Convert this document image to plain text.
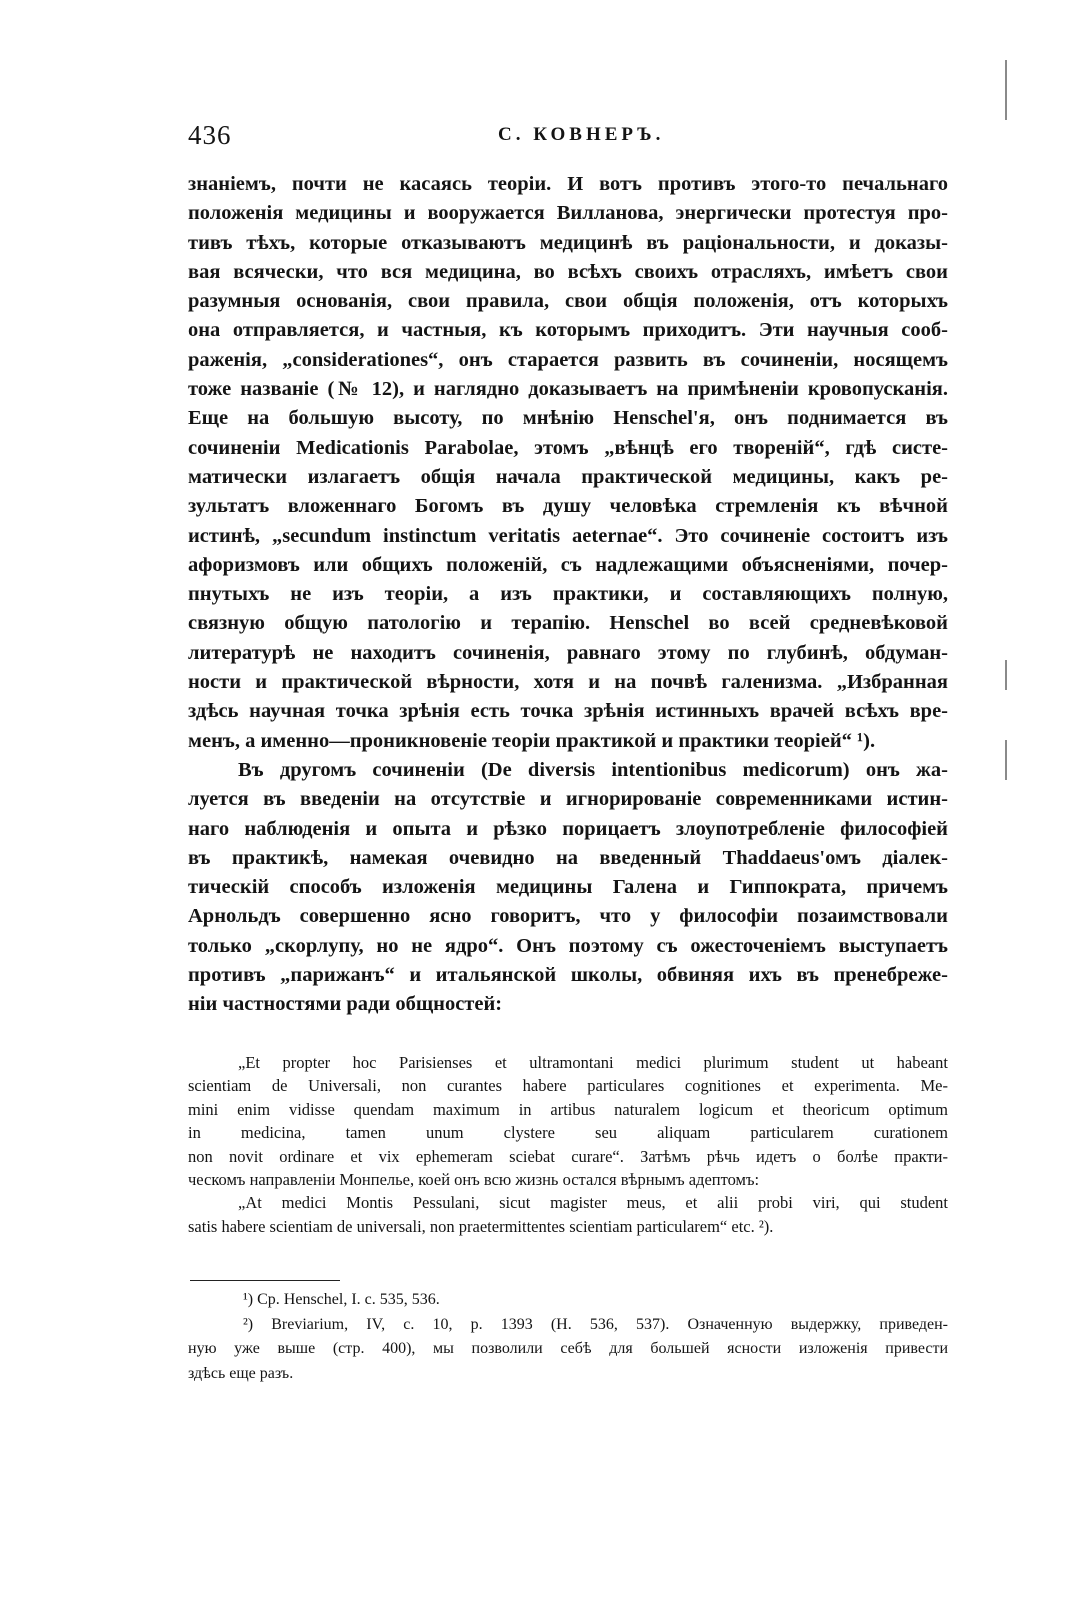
436	С. КОВНЕРЪ.
знаніемъ, почти не касаясь теоріи. И вотъ противъ этого-то печальнаго
положенія медицины и вооружается Вилланова, энергически протестуя про-
тивъ тѣхъ, которые отказываютъ медицинѣ въ раціональности, и доказы-
вая всячески, что вся медицина, во всѣхъ своихъ отрасляхъ, имѣетъ свои
разумныя основанія, свои правила, свои общія положенія, отъ которыхъ
она отправляется, и частныя, къ которымъ приходитъ. Эти научныя сооб-
раженія, „considerationes“, онъ старается развить въ сочиненіи, носящемъ
тоже названіе (№ 12), и наглядно доказываетъ на примѣненіи кровопусканія.
Еще на большую высоту, по мнѣнію Henschel'я, онъ поднимается въ
сочиненіи Medicationis Parabolae, этомъ „вѣнцѣ его твореній“, гдѣ систе-
матически излагаетъ общія начала практической медицины, какъ ре-
зультатъ вложеннаго Богомъ въ душу человѣка стремленія къ вѣчной
истинѣ, „secundum instinctum veritatis aeternae“. Это сочиненіе состоитъ изъ
афоризмовъ или общихъ положеній, съ надлежащими объясненіями, почер-
пнутыхъ не изъ теоріи, а изъ практики, и составляющихъ полную,
связную общую патологію и терапію. Henschel во всей средневѣковой
литературѣ не находитъ сочиненія, равнаго этому по глубинѣ, обдуман-
ности и практической вѣрности, хотя и на почвѣ галенизма. „Избранная
здѣсь научная точка зрѣнія есть точка зрѣнія истинныхъ врачей всѣхъ вре-
менъ, а именно—проникновеніе теоріи практикой и практики теоріей“ ¹).
Въ другомъ сочиненіи (De diversis intentionibus medicorum) онъ жа-
луется въ введеніи на отсутствіе и игнорированіе современниками истин-
наго наблюденія и опыта и рѣзко порицаетъ злоупотребленіе философіей
въ практикѣ, намекая очевидно на введенный Thaddaeus'омъ діалек-
тическій способъ изложенія медицины Галена и Гиппократа, причемъ
Арнольдъ совершенно ясно говоритъ, что у философіи позаимствовали
только „скорлупу, но не ядро“. Онъ поэтому съ ожесточеніемъ выступаетъ
противъ „парижанъ“ и итальянской школы, обвиняя ихъ въ пренебреже-
ніи частностями ради общностей:
„Et propter hoc Parisienses et ultramontani medici plurimum student ut habeant
scientiam de Universali, non curantes habere particulares cognitiones et experimenta. Me-
mini enim vidisse quendam maximum in artibus naturalem logicum et theoricum optimum
in medicina, tamen unum clystere seu aliquam particularem curationem
non novit ordinare et vix ephemeram sciebat curare“. Затѣмъ рѣчь идетъ о болѣе практи-
ческомъ направленіи Монпелье, коей онъ всю жизнь остался вѣрнымъ адептомъ:
„At medici Montis Pessulani, sicut magister meus, et alii probi viri, qui student
satis habere scientiam de universali, non praetermittentes scientiam particularem“ etc. ²).
¹) Ср. Henschel, I. c. 535, 536.
²) Breviarium, IV, c. 10, p. 1393 (H. 536, 537). Означенную выдержку, приведен-
ную уже выше (стр. 400), мы позволили себѣ для большей ясности изложенія привести
здѣсь еще разъ.
